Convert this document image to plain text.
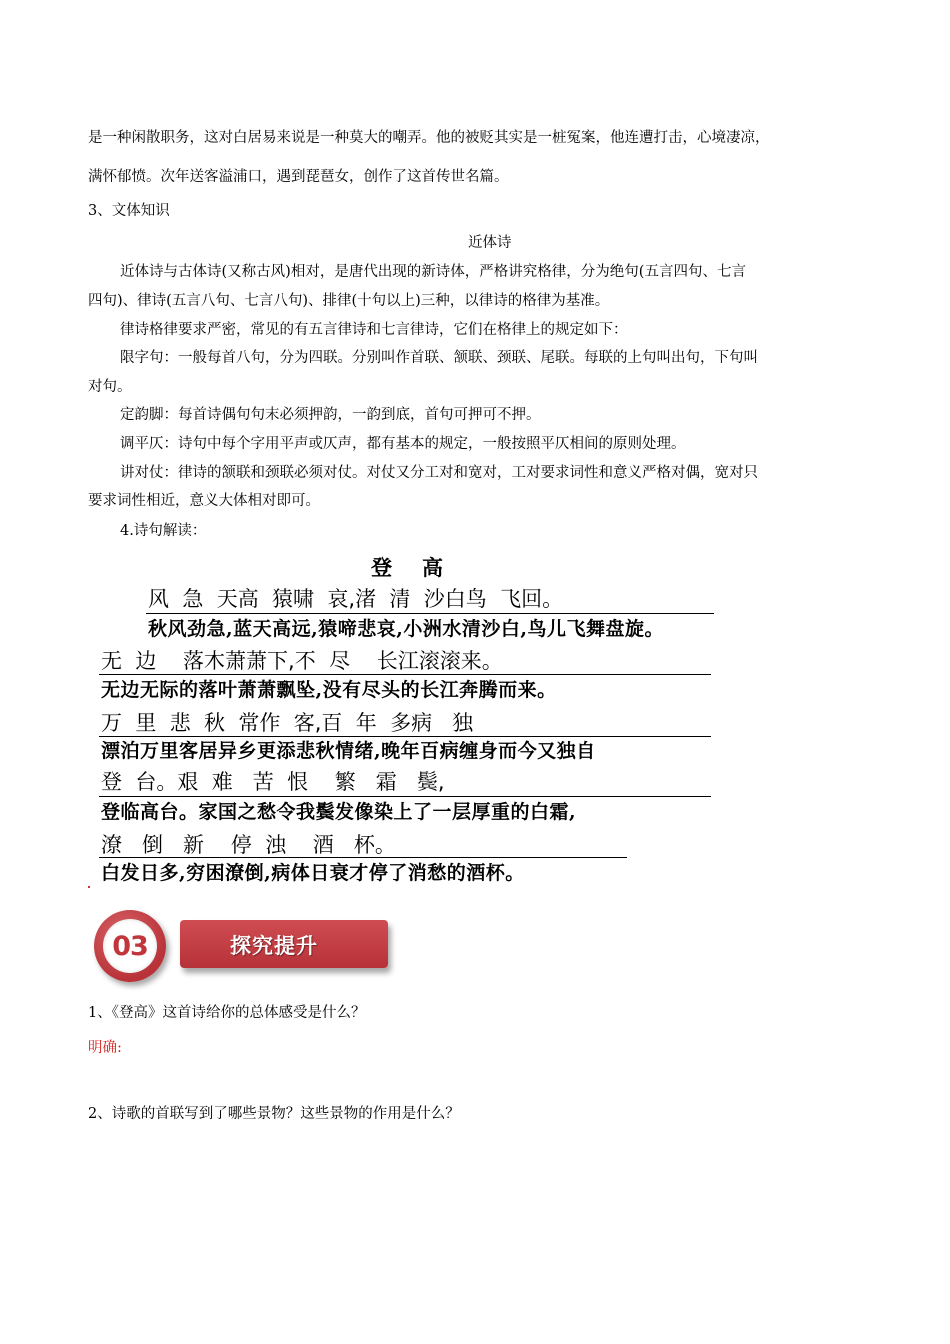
是一种闲散职务，这对白居易来说是一种莫大的嘲弄。他的被贬其实是一桩冤案，他连遭打击，心境凄凉，
满怀郁愤。次年送客溢浦口，遇到琵琶女，创作了这首传世名篇。
3、文体知识
近体诗
近体诗与古体诗(又称古风)相对，是唐代出现的新诗体，严格讲究格律，分为绝句(五言四句、七言
四句)、律诗(五言八句、七言八句)、排律(十句以上)三种，以律诗的格律为基准。
律诗格律要求严密，常见的有五言律诗和七言律诗，它们在格律上的规定如下：
限字句：一般每首八句，分为四联。分别叫作首联、颔联、颈联、尾联。每联的上句叫出句，下句叫
对句。
定韵脚：每首诗偶句句末必须押韵，一韵到底，首句可押可不押。
调平仄：诗句中每个字用平声或仄声，都有基本的规定，一般按照平仄相间的原则处理。
讲对仗：律诗的颔联和颈联必须对仗。对仗又分工对和宽对，工对要求词性和意义严格对偶，宽对只
要求词性相近，意义大体相对即可。
4.诗句解读：
登高
风  急  天高  猿啸  哀,渚  清  沙白鸟  飞回。
秋风劲急,蓝天高远,猿啼悲哀,小洲水清沙白,鸟儿飞舞盘旋。
无  边    落木萧萧下,不  尽    长江滚滚来。
无边无际的落叶萧萧飘坠,没有尽头的长江奔腾而来。
万  里  悲  秋  常作  客,百  年  多病   独
漂泊万里客居异乡更添悲秋情绪,晚年百病缠身而今又独自
登  台。艰  难   苦  恨    繁   霜   鬓,
登临高台。家国之愁令我鬓发像染上了一层厚重的白霜,
潦   倒   新    停  浊    酒   杯。
白发日多,穷困潦倒,病体日衰才停了消愁的酒杯。
03	探究提升
1、《登高》这首诗给你的总体感受是什么？
明确:
2、诗歌的首联写到了哪些景物？这些景物的作用是什么？
